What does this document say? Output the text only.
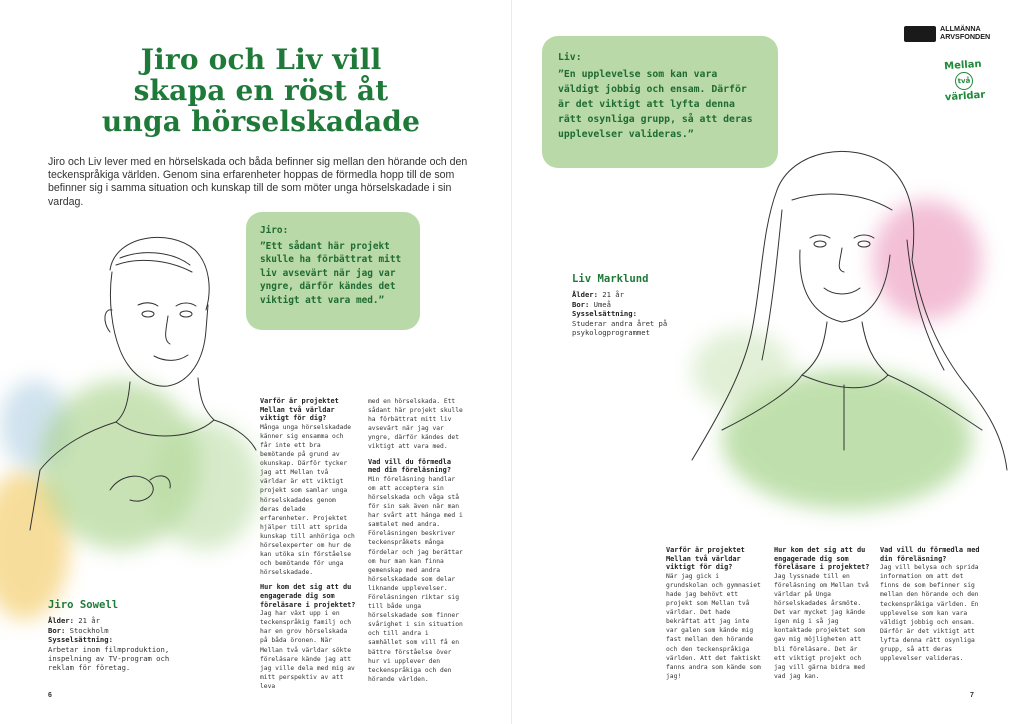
Jiro och Liv vill skapa en röst åt unga hörselskadade
Jiro och Liv lever med en hörselskada och båda befinner sig mellan den hörande och den teckenspråkiga världen. Genom sina erfarenheter hoppas de förmedla hopp till de som befinner sig i samma situation och kunskap till de som möter unga hörselskadade i sin vardag.
Jiro:
”Ett sådant här projekt skulle ha förbättrat mitt liv avsevärt när jag var yngre, därför kändes det viktigt att vara med.”
Jiro Sowell
Ålder: 21 år
Bor: Stockholm
Sysselsättning:
Arbetar inom filmproduktion, inspelning av TV-program och reklam för företag.
Varför är projektet Mellan två världar viktigt för dig?
Många unga hörselskadade känner sig ensamma och får inte ett bra bemötande på grund av okunskap. Därför tycker jag att Mellan två världar är ett viktigt projekt som samlar unga hörselskadades genom deras delade erfarenheter. Projektet hjälper till att sprida kunskap till anhöriga och hörselexperter om hur de kan utöka sin förståelse och bemötande för unga hörselskadade.
Hur kom det sig att du engagerade dig som föreläsare i projektet?
Jag har växt upp i en teckenspråkig familj och har en grov hörselskada på båda öronen. När Mellan två världar sökte föreläsare kände jag att jag ville dela med mig av mitt perspektiv av att leva
med en hörselskada. Ett sådant här projekt skulle ha förbättrat mitt liv avsevärt när jag var yngre, därför kändes det viktigt att vara med.
Vad vill du förmedla med din föreläsning?
Min föreläsning handlar om att acceptera sin hörselskada och våga stå för sin sak även när man har svårt att hänga med i samtalet med andra. Föreläsningen beskriver teckenspråkets många fördelar och jag berättar om hur man kan finna gemenskap med andra hörselskadade som delar liknande upplevelser. Föreläsningen riktar sig till både unga hörselskadade som finner svårighet i sin situation och till andra i samhället som vill få en bättre förståelse över hur vi upplever den teckenspråkiga och den hörande världen.
6
Liv:
”En upplevelse som kan vara väldigt jobbig och ensam. Därför är det viktigt att lyfta denna rätt osynliga grupp, så att deras upplevelser valideras.”
Liv Marklund
Ålder: 21 år
Bor: Umeå
Sysselsättning:
Studerar andra året på psykologprogrammet
Varför är projektet Mellan två världar viktigt för dig?
När jag gick i grundskolan och gymnasiet hade jag behövt ett projekt som Mellan två världar. Det hade bekräftat att jag inte var galen som kände mig fast mellan den hörande och den teckenspråkiga världen. Att det faktiskt fanns andra som kände som jag!
Hur kom det sig att du engagerade dig som föreläsare i projektet?
Jag lyssnade till en föreläsning om Mellan två världar på Unga hörselskadades årsmöte. Det var mycket jag kände igen mig i så jag kontaktade projektet som gav mig möjligheten att bli föreläsare. Det är ett viktigt projekt och jag vill gärna bidra med vad jag kan.
Vad vill du förmedla med din föreläsning?
Jag vill belysa och sprida information om att det finns de som befinner sig mellan den hörande och den teckenspråkiga världen. En upplevelse som kan vara väldigt jobbig och ensam. Därför är det viktigt att lyfta denna rätt osynliga grupp, så att deras upplevelser valideras.
7
ALLMÄNNA
ARVSFONDEN
Mellan
två
världar
